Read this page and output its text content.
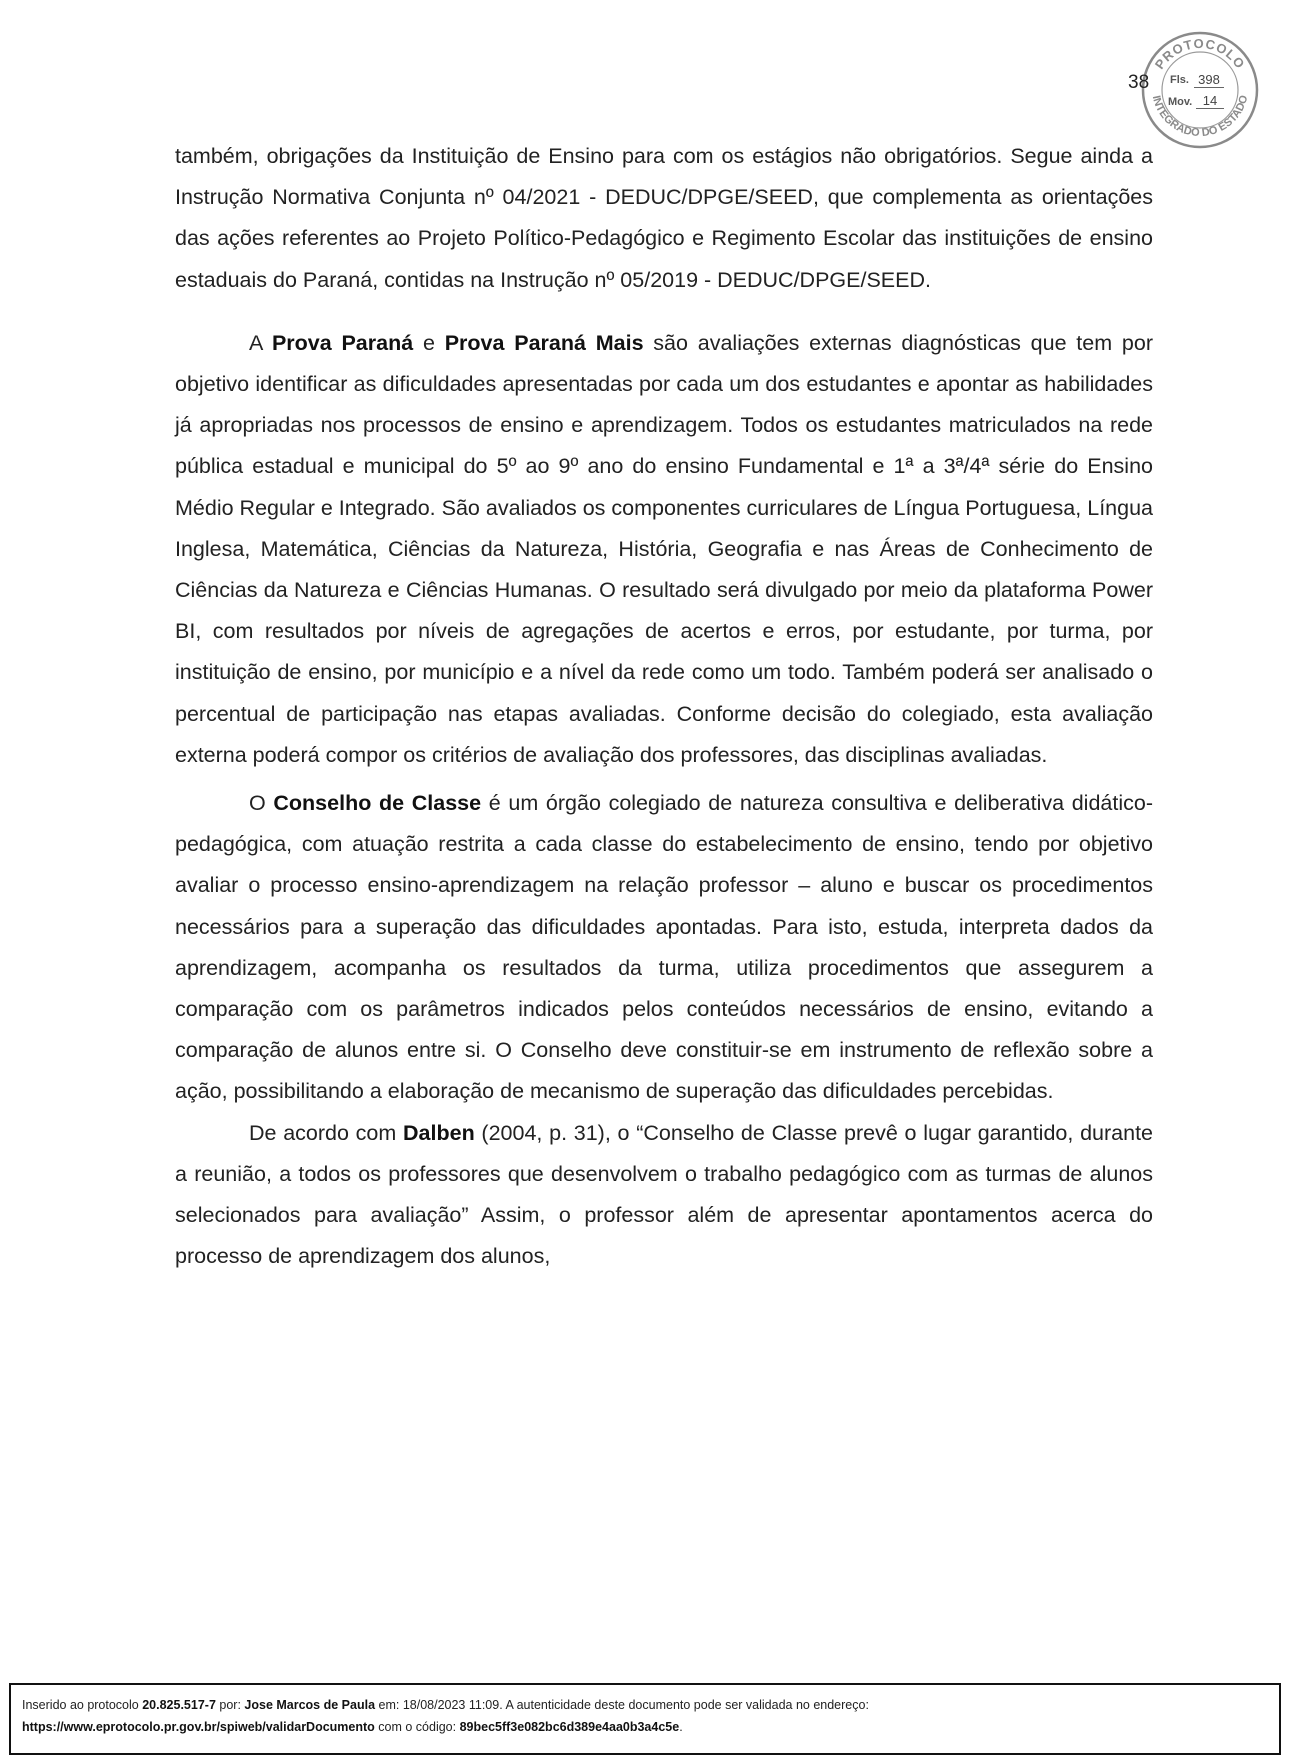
PROTOCOLO
INTEGRADO DO ESTADO
Fls. 398
Mov. 14
38

também, obrigações da Instituição de Ensino para com os estágios não obrigatórios. Segue ainda a Instrução Normativa Conjunta nº 04/2021 - DEDUC/DPGE/SEED, que complementa as orientações das ações referentes ao Projeto Político-Pedagógico e Regimento Escolar das instituições de ensino estaduais do Paraná, contidas na Instrução nº 05/2019 - DEDUC/DPGE/SEED.

A Prova Paraná e Prova Paraná Mais são avaliações externas diagnósticas que tem por objetivo identificar as dificuldades apresentadas por cada um dos estudantes e apontar as habilidades já apropriadas nos processos de ensino e aprendizagem. Todos os estudantes matriculados na rede pública estadual e municipal do 5º ao 9º ano do ensino Fundamental e 1ª a 3ª/4ª série do Ensino Médio Regular e Integrado. São avaliados os componentes curriculares de Língua Portuguesa, Língua Inglesa, Matemática, Ciências da Natureza, História, Geografia e nas Áreas de Conhecimento de Ciências da Natureza e Ciências Humanas. O resultado será divulgado por meio da plataforma Power BI, com resultados por níveis de agregações de acertos e erros, por estudante, por turma, por instituição de ensino, por município e a nível da rede como um todo. Também poderá ser analisado o percentual de participação nas etapas avaliadas. Conforme decisão do colegiado, esta avaliação externa poderá compor os critérios de avaliação dos professores, das disciplinas avaliadas.

O Conselho de Classe é um órgão colegiado de natureza consultiva e deliberativa didático- pedagógica, com atuação restrita a cada classe do estabelecimento de ensino, tendo por objetivo avaliar o processo ensino-aprendizagem na relação professor – aluno e buscar os procedimentos necessários para a superação das dificuldades apontadas. Para isto, estuda, interpreta dados da aprendizagem, acompanha os resultados da turma, utiliza procedimentos que assegurem a comparação com os parâmetros indicados pelos conteúdos necessários de ensino, evitando a comparação de alunos entre si. O Conselho deve constituir-se em instrumento de reflexão sobre a ação, possibilitando a elaboração de mecanismo de superação das dificuldades percebidas.

De acordo com Dalben (2004, p. 31), o “Conselho de Classe prevê o lugar garantido, durante a reunião, a todos os professores que desenvolvem o trabalho pedagógico com as turmas de alunos selecionados para avaliação” Assim, o professor além de apresentar apontamentos acerca do processo de aprendizagem dos alunos,

Inserido ao protocolo 20.825.517-7 por: Jose Marcos de Paula em: 18/08/2023 11:09. A autenticidade deste documento pode ser validada no endereço:
https://www.eprotocolo.pr.gov.br/spiweb/validarDocumento com o código: 89bec5ff3e082bc6d389e4aa0b3a4c5e.
